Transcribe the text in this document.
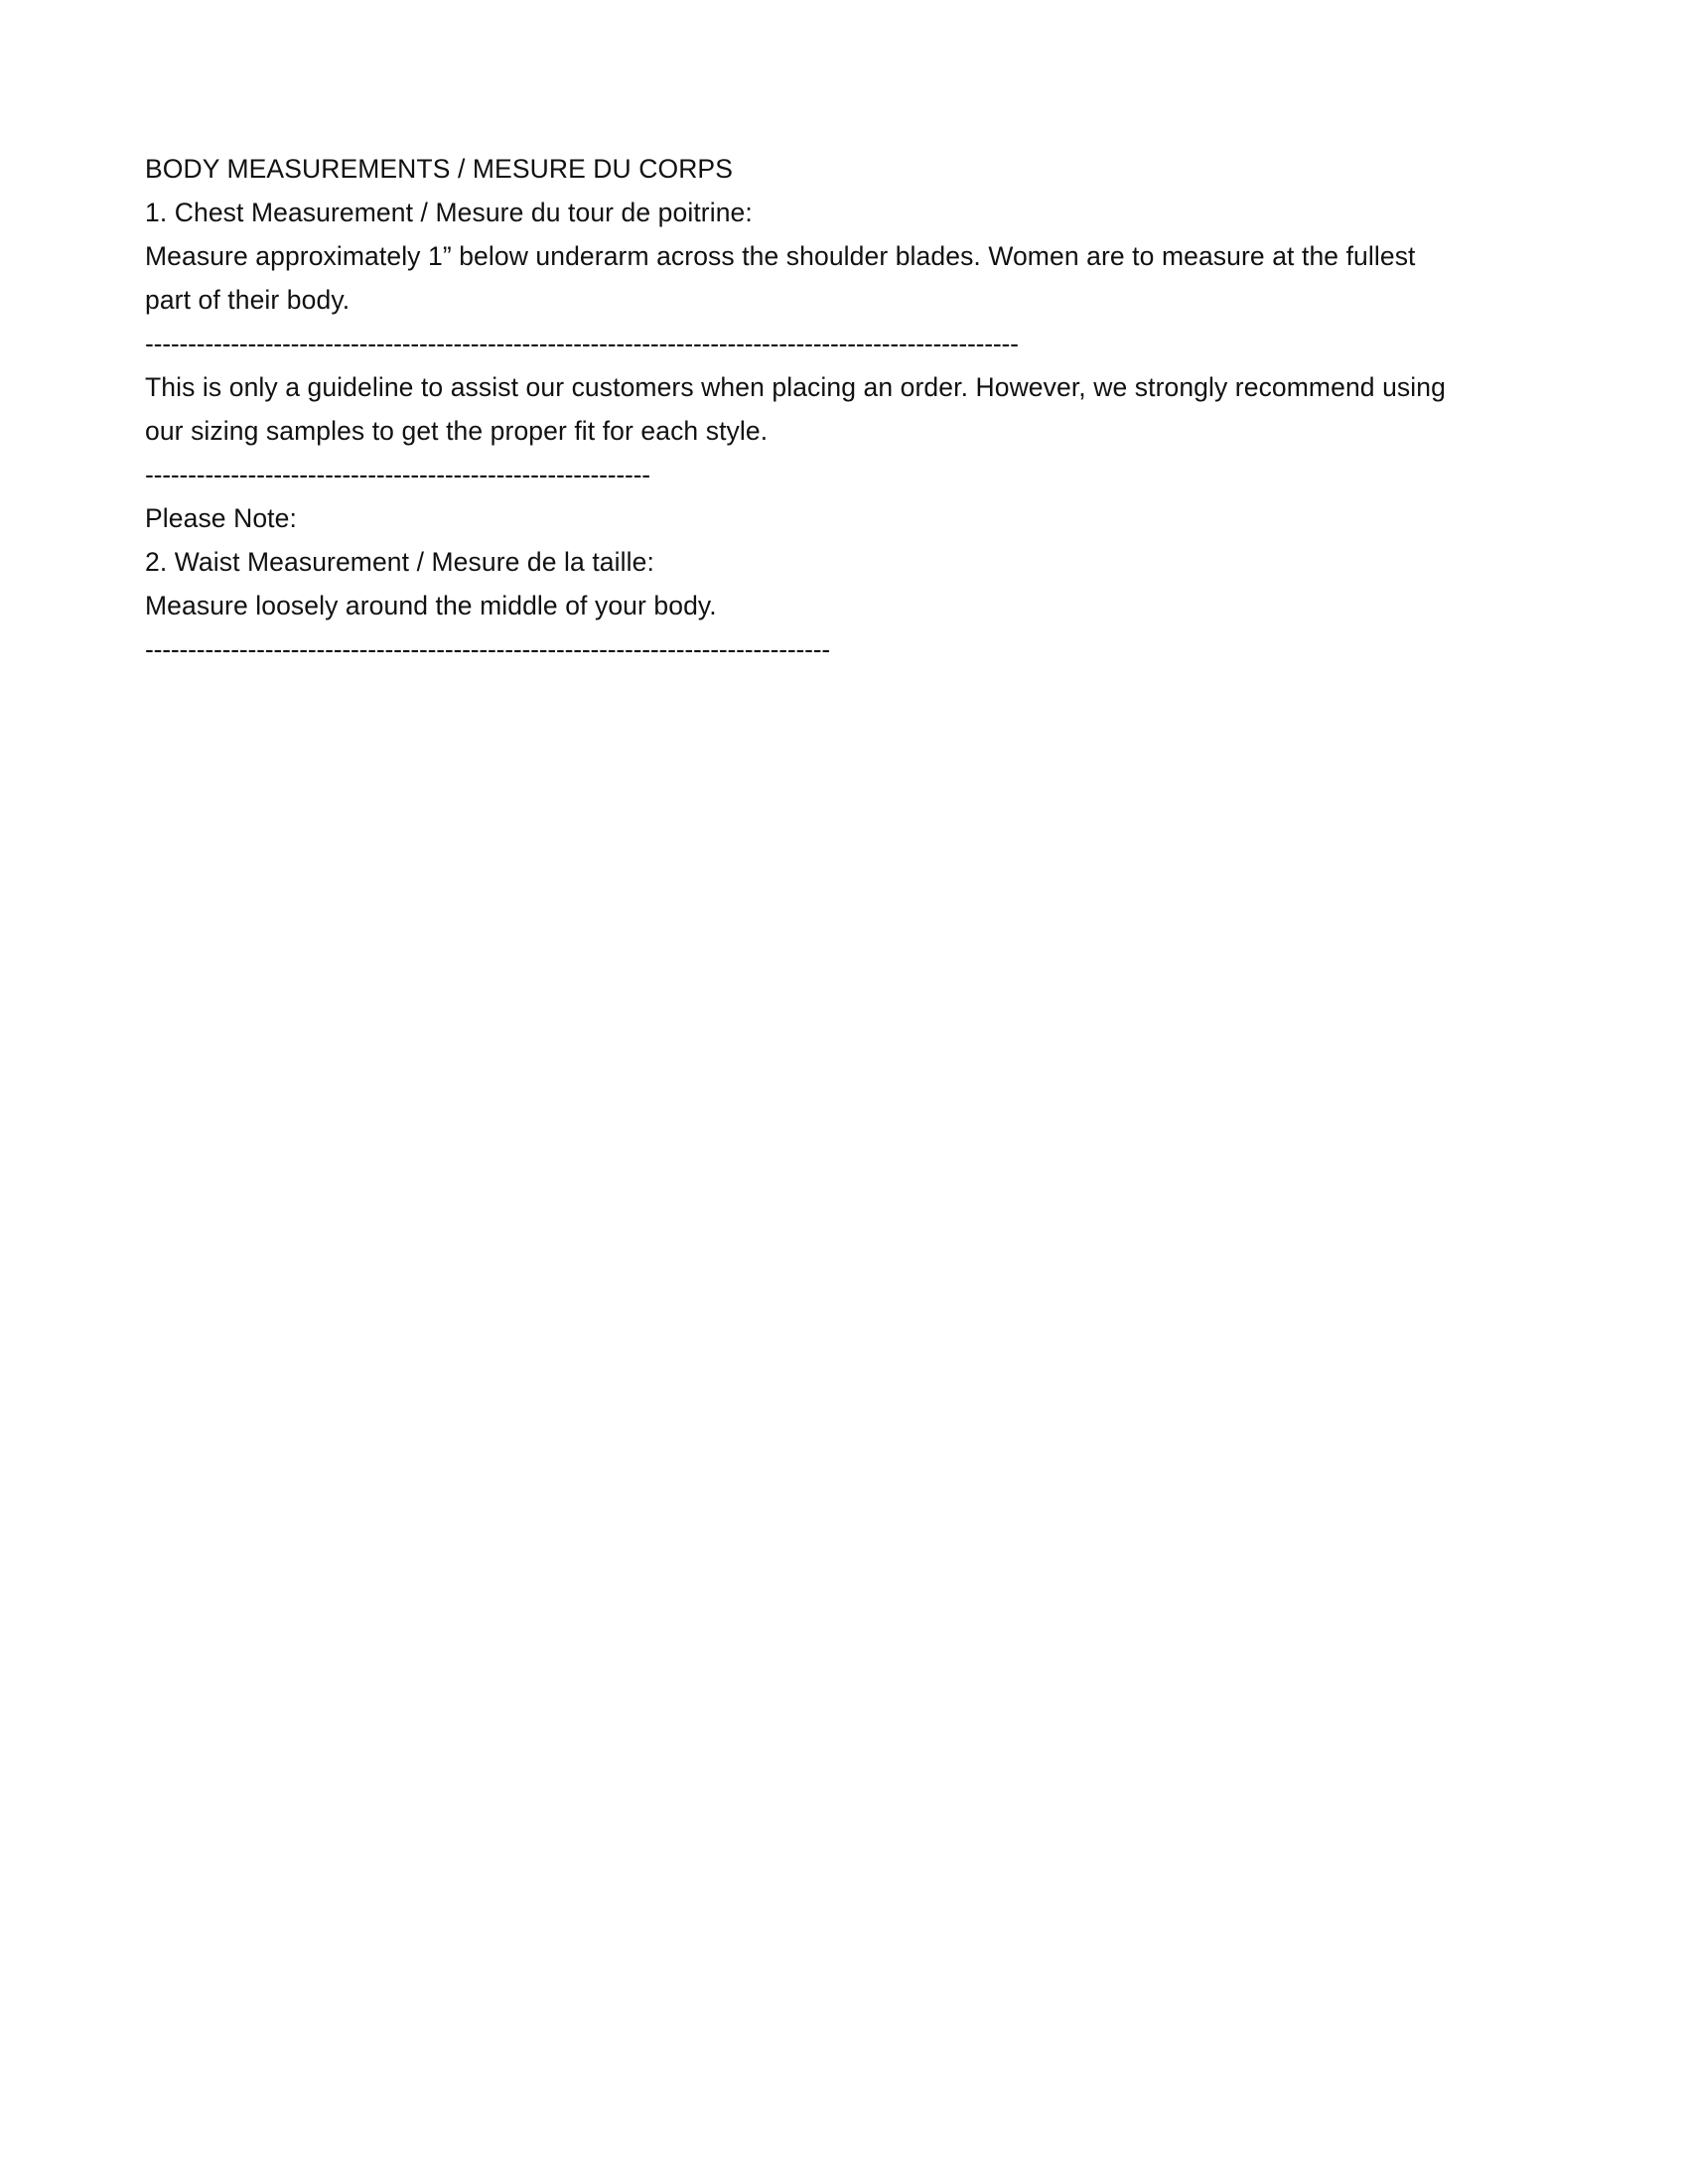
BODY MEASUREMENTS / MESURE DU CORPS
1. Chest Measurement / Mesure du tour de poitrine:
Measure approximately 1” below underarm across the shoulder blades. Women are to measure at the fullest part of their body.
------------------------------------------------------------------------------------------------------
This is only a guideline to assist our customers when placing an order. However, we strongly recommend using our sizing samples to get the proper fit for each style.
-----------------------------------------------------------
Please Note:
2. Waist Measurement / Mesure de la taille:
Measure loosely around the middle of your body.
--------------------------------------------------------------------------------
